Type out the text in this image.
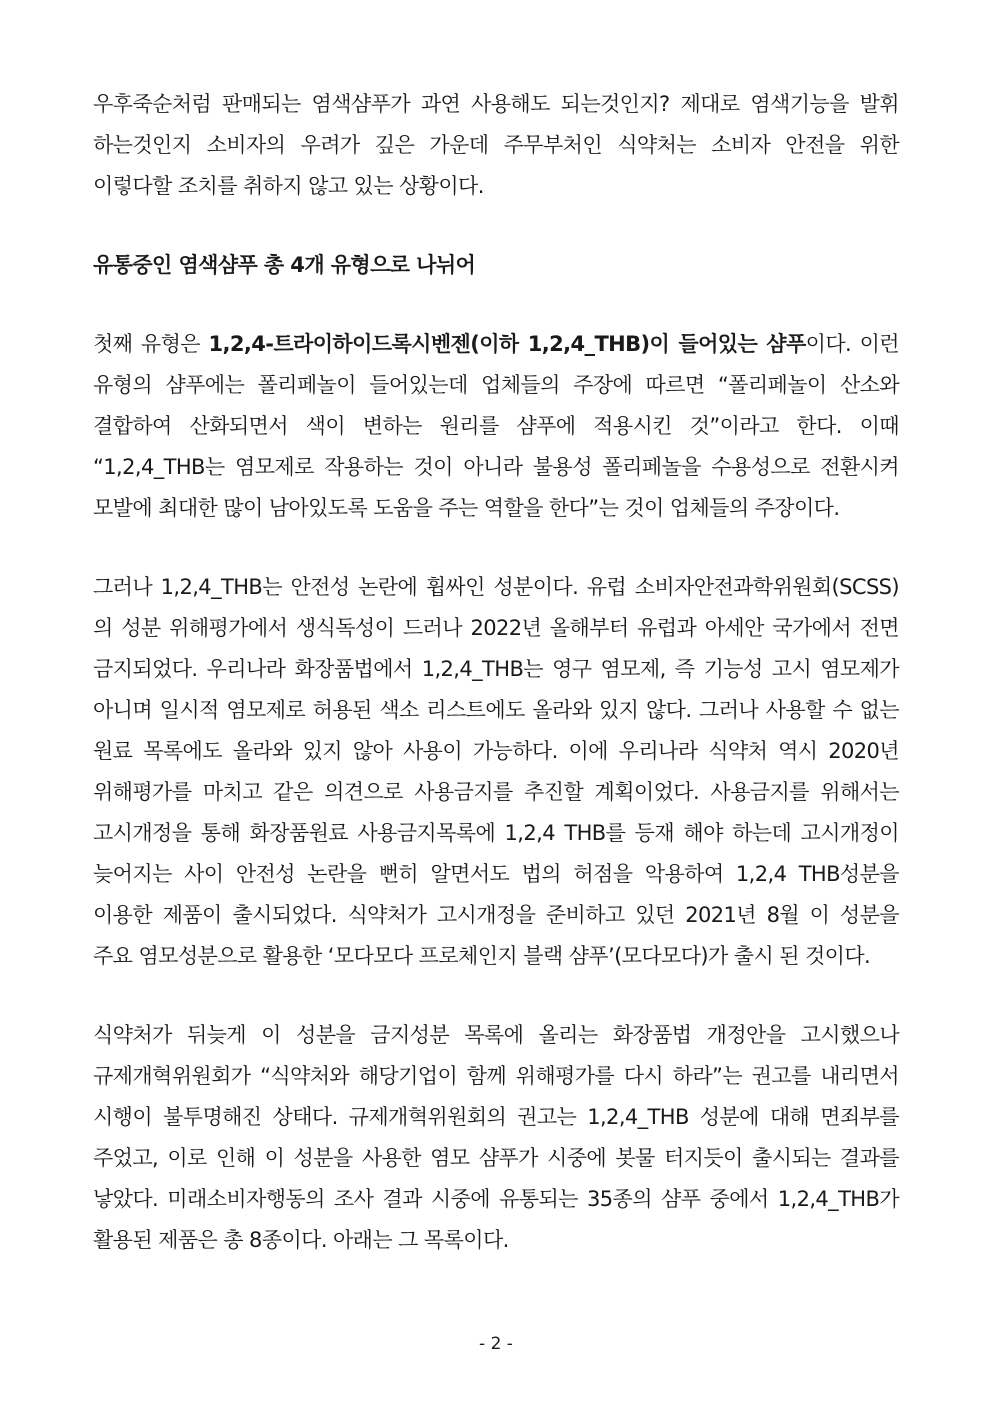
우후죽순처럼 판매되는 염색샴푸가 과연 사용해도 되는것인지? 제대로 염색기능을 발휘 하는것인지 소비자의 우려가 깊은 가운데 주무부처인 식약처는 소비자 안전을 위한 이렇다할 조치를 취하지 않고 있는 상황이다.

유통중인 염색샴푸 총 4개 유형으로 나뉘어

첫째 유형은 1,2,4-트라이하이드록시벤젠(이하 1,2,4_THB)이 들어있는 샴푸이다. 이런 유형의 샴푸에는 폴리페놀이 들어있는데 업체들의 주장에 따르면 “폴리페놀이 산소와 결합하여 산화되면서 색이 변하는 원리를 샴푸에 적용시킨 것”이라고 한다. 이때 “1,2,4_THB는 염모제로 작용하는 것이 아니라 불용성 폴리페놀을 수용성으로 전환시켜 모발에 최대한 많이 남아있도록 도움을 주는 역할을 한다”는 것이 업체들의 주장이다.

그러나 1,2,4_THB는 안전성 논란에 휩싸인 성분이다. 유럽 소비자안전과학위원회(SCSS)의 성분 위해평가에서 생식독성이 드러나 2022년 올해부터 유럽과 아세안 국가에서 전면 금지되었다. 우리나라 화장품법에서 1,2,4_THB는 영구 염모제, 즉 기능성 고시 염모제가 아니며 일시적 염모제로 허용된 색소 리스트에도 올라와 있지 않다. 그러나 사용할 수 없는 원료 목록에도 올라와 있지 않아 사용이 가능하다. 이에 우리나라 식약처 역시 2020년 위해평가를 마치고 같은 의견으로 사용금지를 추진할 계획이었다. 사용금지를 위해서는 고시개정을 통해 화장품원료 사용금지목록에 1,2,4 THB를 등재 해야 하는데 고시개정이 늦어지는 사이 안전성 논란을 뻔히 알면서도 법의 허점을 악용하여 1,2,4 THB성분을 이용한 제품이 출시되었다. 식약처가 고시개정을 준비하고 있던 2021년 8월 이 성분을 주요 염모성분으로 활용한 ‘모다모다 프로체인지 블랙 샴푸’(모다모다)가 출시 된 것이다.

식약처가 뒤늦게 이 성분을 금지성분 목록에 올리는 화장품법 개정안을 고시했으나 규제개혁위원회가 “식약처와 해당기업이 함께 위해평가를 다시 하라”는 권고를 내리면서 시행이 불투명해진 상태다. 규제개혁위원회의 권고는 1,2,4_THB 성분에 대해 면죄부를 주었고, 이로 인해 이 성분을 사용한 염모 샴푸가 시중에 봇물 터지듯이 출시되는 결과를 낳았다. 미래소비자행동의 조사 결과 시중에 유통되는 35종의 샴푸 중에서 1,2,4_THB가 활용된 제품은 총 8종이다. 아래는 그 목록이다.

- 2 -
